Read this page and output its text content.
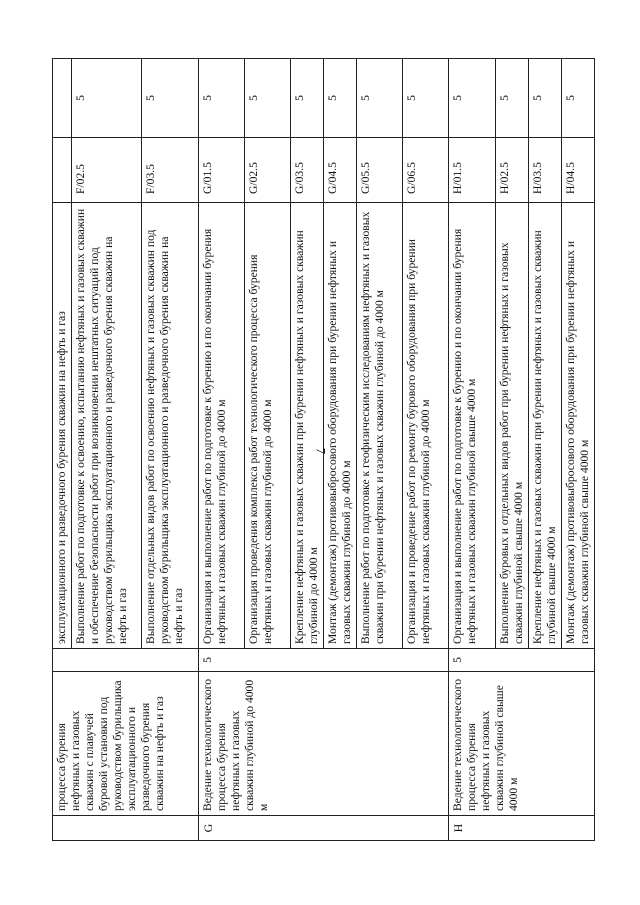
7
	процесса бурения нефтяных и газовых скважин с плавучей буровой установки под руководством бурильщика эксплуатационного и разведочного бурения скважин на нефть и газ		эксплуатационного и разведочного бурения скважин на нефть и газ		
			Выполнение работ по подготовке к освоению, испытанию нефтяных и газовых скважин и обеспечение безопасности работ при возникновении нештатных ситуаций под руководством бурильщика эксплуатационного и разведочного бурения скважин на нефть и газ	F/02.5	5
			Выполнение отдельных видов работ по освоению нефтяных и газовых скважин под руководством бурильщика эксплуатационного и разведочного бурения скважин на нефть и газ	F/03.5	5
G	Ведение технологического процесса бурения нефтяных и газовых скважин глубиной до 4000 м	5	Организация и выполнение работ по подготовке к бурению и по окончании бурения нефтяных и газовых скважин глубиной до 4000 м	G/01.5	5
			Организация проведения комплекса работ технологического процесса бурения нефтяных и газовых скважин глубиной до 4000 м	G/02.5	5
			Крепление нефтяных и газовых скважин при бурении нефтяных и газовых скважин глубиной до 4000 м	G/03.5	5
			Монтаж (демонтаж) противовыбросового оборудования при бурении нефтяных и газовых скважин глубиной до 4000 м	G/04.5	5
			Выполнение работ по подготовке к геофизическим исследованиям нефтяных и газовых скважин при бурении нефтяных и газовых скважин глубиной до 4000 м	G/05.5	5
			Организация и проведение работ по ремонту бурового оборудования при бурении нефтяных и газовых скважин глубиной до 4000 м	G/06.5	5
H	Ведение технологического процесса бурения нефтяных и газовых скважин глубиной свыше 4000 м	5	Организация и выполнение работ по подготовке к бурению и по окончании бурения нефтяных и газовых скважин глубиной свыше 4000 м	H/01.5	5
			Выполнение буровых и отдельных видов работ при бурении нефтяных и газовых скважин глубиной свыше 4000 м	H/02.5	5
			Крепление нефтяных и газовых скважин при бурении нефтяных и газовых скважин глубиной свыше 4000 м	H/03.5	5
			Монтаж (демонтаж) противовыбросового оборудования при бурении нефтяных и газовых скважин глубиной свыше 4000 м	H/04.5	5
